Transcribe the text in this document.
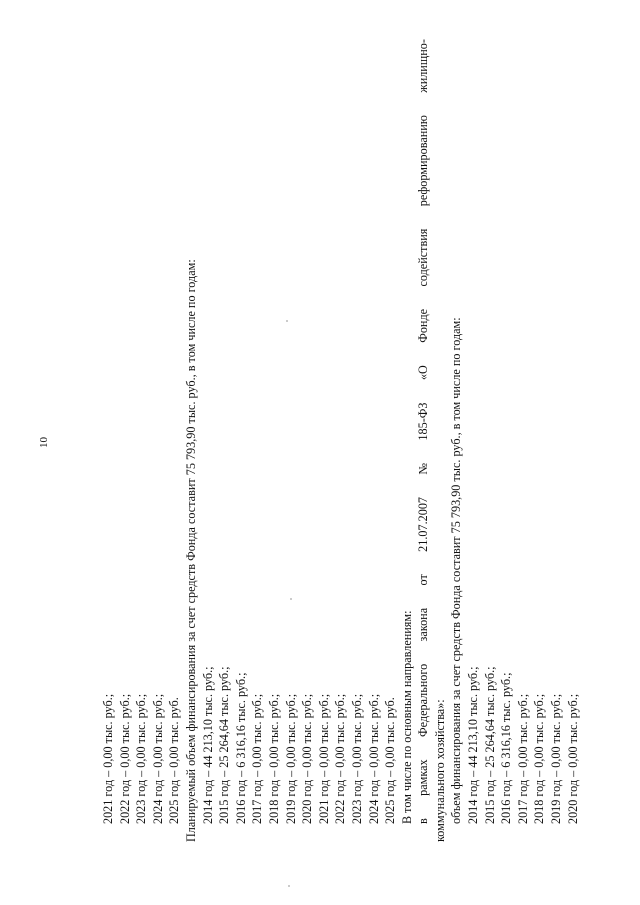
10
2021 год – 0,00 тыс. руб.; 2022 год – 0,00 тыс. руб.; 2023 год – 0,00 тыс. руб.; 2024 год – 0,00 тыс. руб.; 2025 год – 0,00 тыс. руб. Планируемый объем финансирования за счет средств Фонда составит 75 793,90 тыс. руб., в том числе по годам: 2014 год – 44 213,10 тыс. руб.; 2015 год – 25 264,64 тыс. руб.; 2016 год – 6 316,16 тыс. руб.; 2017 год – 0,00 тыс. руб.; 2018 год – 0,00 тыс. руб.; 2019 год – 0,00 тыс. руб.; 2020 год – 0,00 тыс. руб.; 2021 год – 0,00 тыс. руб.; 2022 год – 0,00 тыс. руб.; 2023 год – 0,00 тыс. руб.; 2024 год – 0,00 тыс. руб.; 2025 год – 0,00 тыс. руб. В том числе по основным направлениям: в
рамках
Федерального
закона
от
21.07.2007
№
185-ФЗ
«О
Фонде
содействия
реформированию
жилищно-
коммунального хозяйства»: объем финансирования за счет средств Фонда составит 75 793,90 тыс. руб., в том числе по годам: 2014 год – 44 213,10 тыс. руб.; 2015 год – 25 264,64 тыс. руб.; 2016 год – 6 316,16 тыс. руб.; 2017 год – 0,00 тыс. руб.; 2018 год – 0,00 тыс. руб.; 2019 год – 0,00 тыс. руб.; 2020 год – 0,00 тыс. руб.;
